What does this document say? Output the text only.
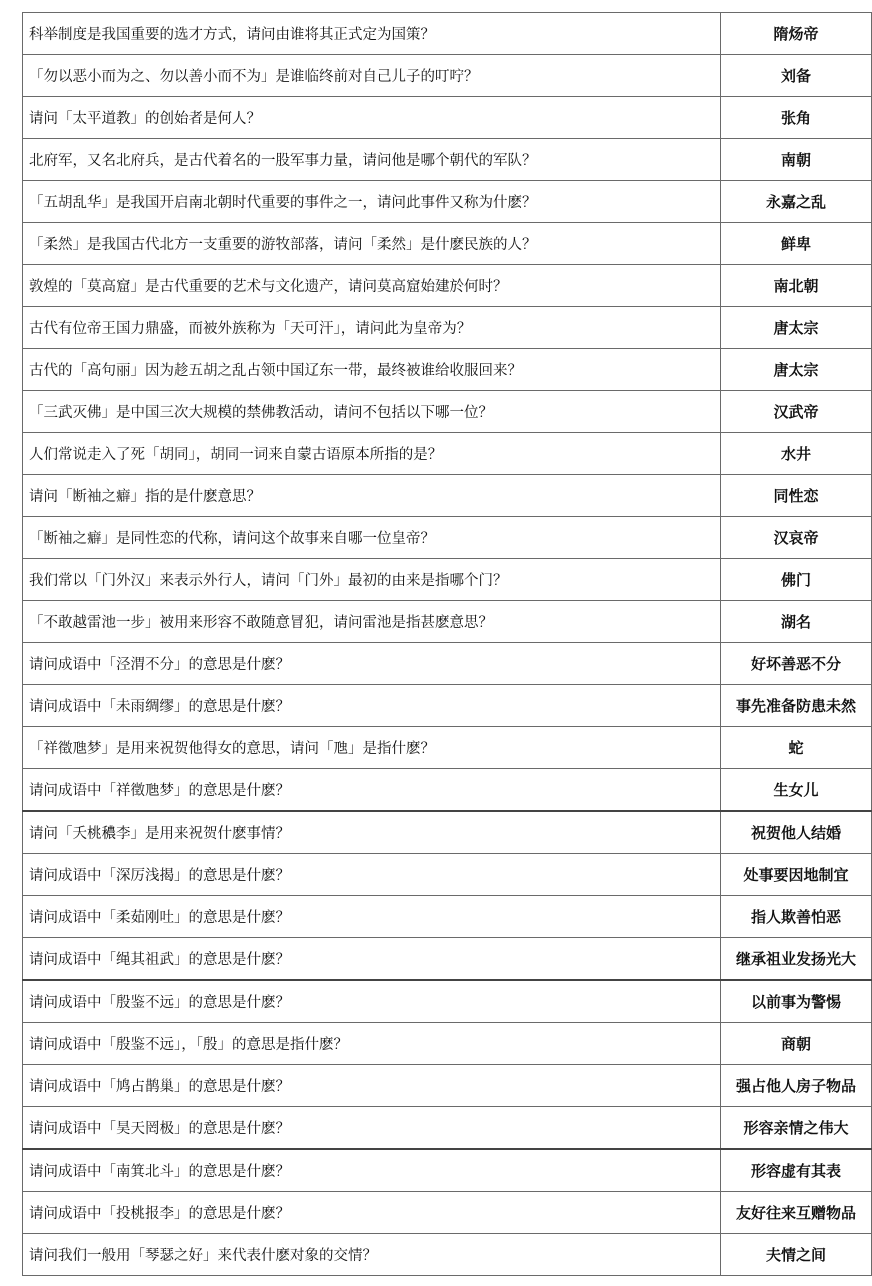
科举制度是我国重要的选才方式，请问由谁将其正式定为国策？	隋炀帝
「勿以恶小而为之、勿以善小而不为」是谁临终前对自己儿子的叮咛？	刘备
请问「太平道教」的创始者是何人？	张角
北府军，又名北府兵，是古代着名的一股军事力量，请问他是哪个朝代的军队？	南朝
「五胡乱华」是我国开启南北朝时代重要的事件之一，请问此事件又称为什麽？	永嘉之乱
「柔然」是我国古代北方一支重要的游牧部落，请问「柔然」是什麽民族的人？	鲜卑
敦煌的「莫高窟」是古代重要的艺术与文化遗产，请问莫高窟始建於何时？	南北朝
古代有位帝王国力鼎盛，而被外族称为「天可汗」，请问此为皇帝为？	唐太宗
古代的「高句丽」因为趁五胡之乱占领中国辽东一带，最终被谁给收服回来？	唐太宗
「三武灭佛」是中国三次大规模的禁佛教活动，请问不包括以下哪一位？	汉武帝
人们常说走入了死「胡同」，胡同一词来自蒙古语原本所指的是？	水井
请问「断袖之癖」指的是什麽意思？	同性恋
「断袖之癖」是同性恋的代称，请问这个故事来自哪一位皇帝？	汉哀帝
我们常以「门外汉」来表示外行人，请问「门外」最初的由来是指哪个门？	佛门
「不敢越雷池一步」被用来形容不敢随意冒犯，请问雷池是指甚麽意思？	湖名
请问成语中「泾渭不分」的意思是什麽？	好坏善恶不分
请问成语中「未雨绸缪」的意思是什麽？	事先准备防患未然
「祥徵虺梦」是用来祝贺他得女的意思，请问「虺」是指什麽？	蛇
请问成语中「祥徵虺梦」的意思是什麽？	生女儿
请问「夭桃穠李」是用来祝贺什麽事情？	祝贺他人结婚
请问成语中「深厉浅揭」的意思是什麽？	处事要因地制宜
请问成语中「柔茹刚吐」的意思是什麽？	指人欺善怕恶
请问成语中「绳其祖武」的意思是什麽？	继承祖业发扬光大
请问成语中「殷鉴不远」的意思是什麽？	以前事为警惕
请问成语中「殷鉴不远」，「殷」的意思是指什麽？	商朝
请问成语中「鸠占鹊巢」的意思是什麽？	强占他人房子物品
请问成语中「昊天罔极」的意思是什麽？	形容亲情之伟大
请问成语中「南箕北斗」的意思是什麽？	形容虚有其表
请问成语中「投桃报李」的意思是什麽？	友好往来互赠物品
请问我们一般用「琴瑟之好」来代表什麽对象的交情？	夫情之间
